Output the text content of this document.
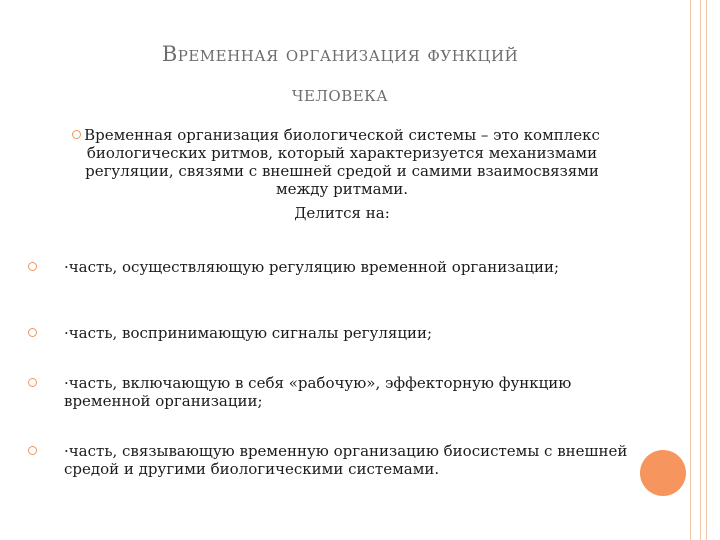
Временная организация функций
человека
Временная организация биологической системы – это комплекс биологических ритмов, который характеризуется механизмами регуляции, связями с внешней средой и самими взаимосвязями между ритмами.
Делится на:
·часть, осуществляющую регуляцию временной организации;
·часть, воспринимающую сигналы регуляции;
·часть, включающую в себя «рабочую», эффекторную функцию временной организации;
·часть, связывающую временную организацию биосистемы с внешней средой и другими биологическими системами.
